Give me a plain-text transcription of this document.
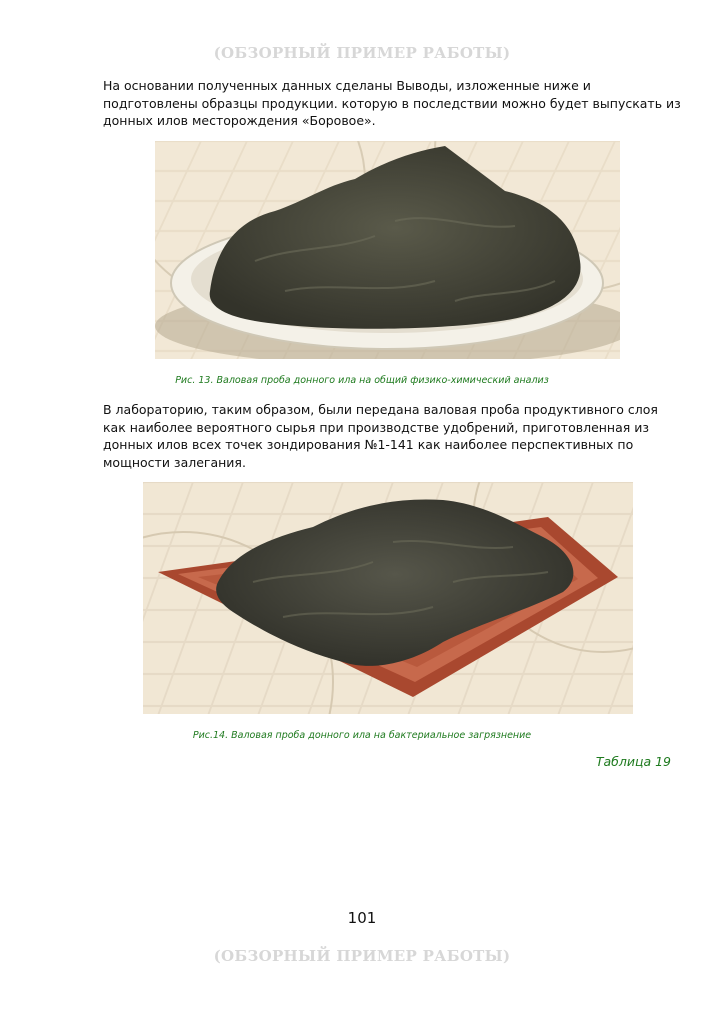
(ОБЗОРНЫЙ ПРИМЕР РАБОТЫ)

На основании полученных данных сделаны Выводы, изложенные ниже и подготовлены образцы продукции. которую в последствии можно будет выпускать из донных илов месторождения «Боровое».

Рис. 13. Валовая проба донного ила на общий физико-химический анализ

В лабораторию, таким образом, были передана валовая проба продуктивного слоя как наиболее вероятного сырья при производстве удобрений, приготовленная из донных илов всех точек зондирования №1-141 как наиболее перспективных по мощности залегания.

Рис.14. Валовая проба донного ила на бактериальное загрязнение
Таблица 19
101
(ОБЗОРНЫЙ ПРИМЕР РАБОТЫ)
